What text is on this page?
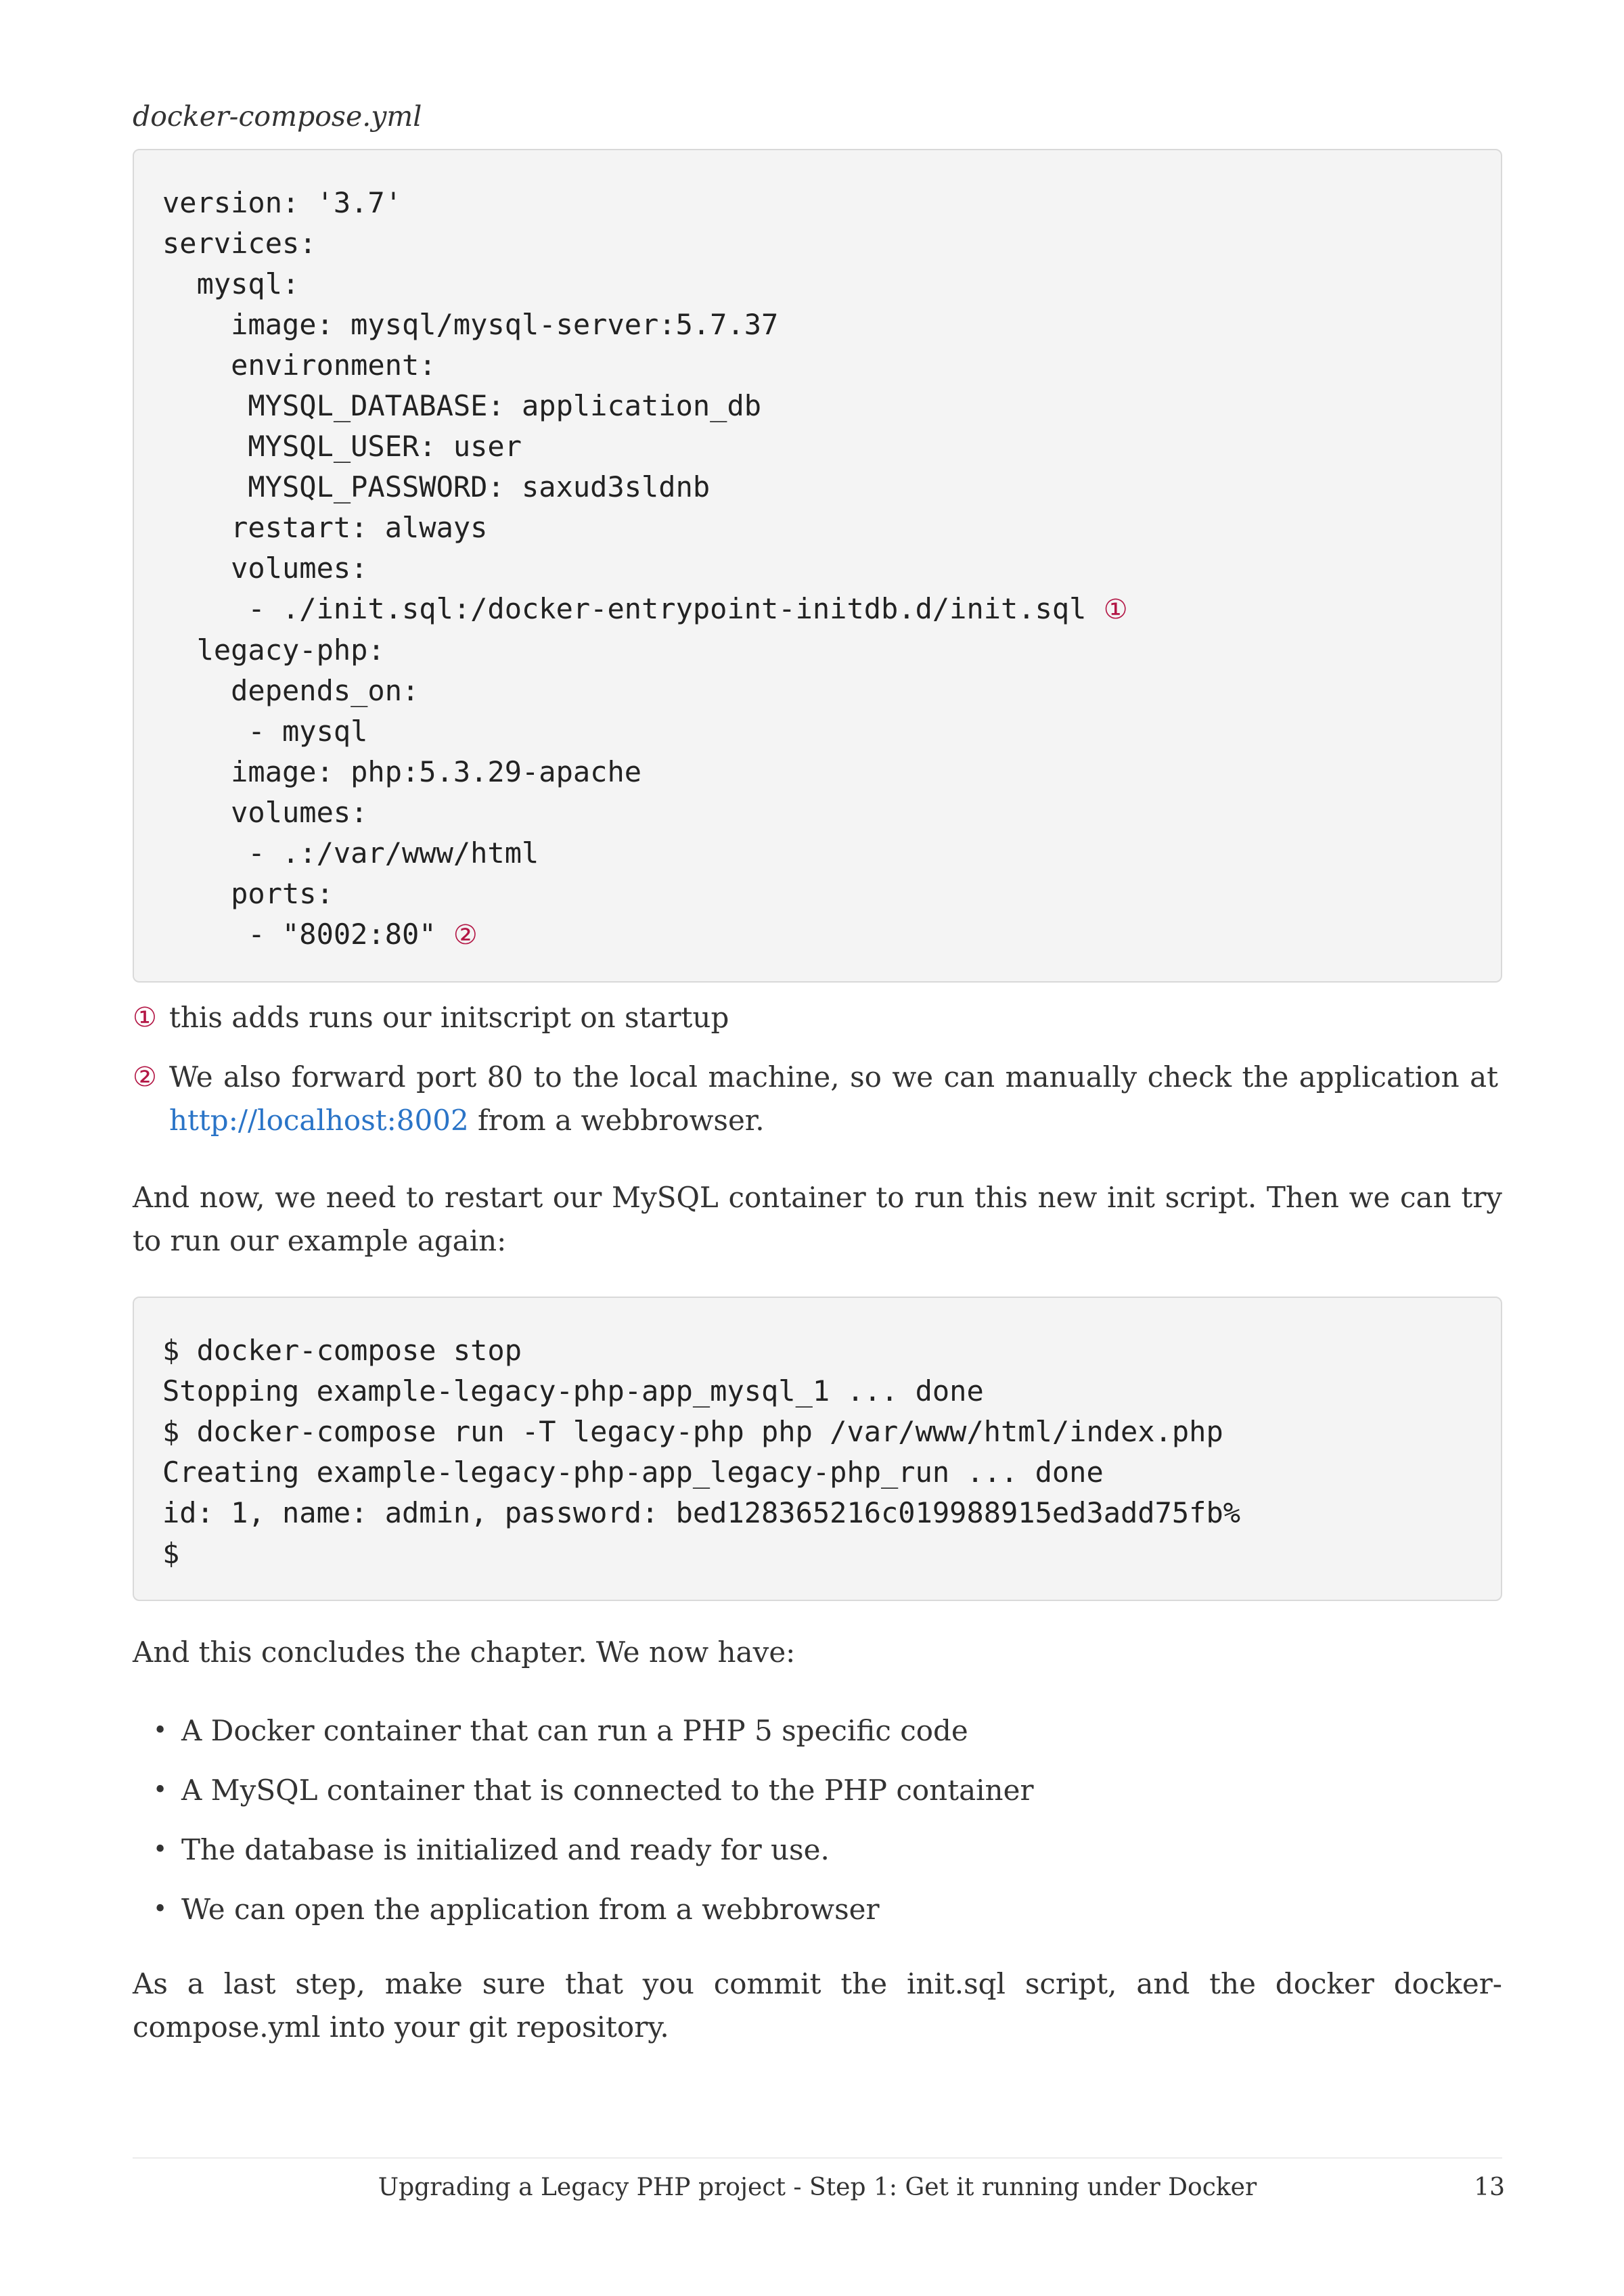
docker-compose.yml
version: '3.7'
services:
mysql:
image: mysql/mysql-server:5.7.37
environment:
MYSQL_DATABASE: application_db
MYSQL_USER: user
MYSQL_PASSWORD: saxud3sldnb
restart: always
volumes:
- ./init.sql:/docker-entrypoint-initdb.d/init.sql ①
legacy-php:
depends_on:
- mysql
image: php:5.3.29-apache
volumes:
- .:/var/www/html
ports:
- "8002:80" ②
① this adds runs our initscript on startup
② We also forward port 80 to the local machine, so we can manually check the application at http://localhost:8002 from a webbrowser.
And now, we need to restart our MySQL container to run this new init script. Then we can try to run our example again:
$ docker-compose stop
Stopping example-legacy-php-app_mysql_1 ... done
$ docker-compose run -T legacy-php php /var/www/html/index.php
Creating example-legacy-php-app_legacy-php_run ... done
id: 1, name: admin, password: bed128365216c019988915ed3add75fb%
$
And this concludes the chapter. We now have:
• A Docker container that can run a PHP 5 specific code
• A MySQL container that is connected to the PHP container
• The database is initialized and ready for use.
• We can open the application from a webbrowser
As a last step, make sure that you commit the init.sql script, and the docker docker-compose.yml into your git repository.
Upgrading a Legacy PHP project - Step 1: Get it running under Docker	13
